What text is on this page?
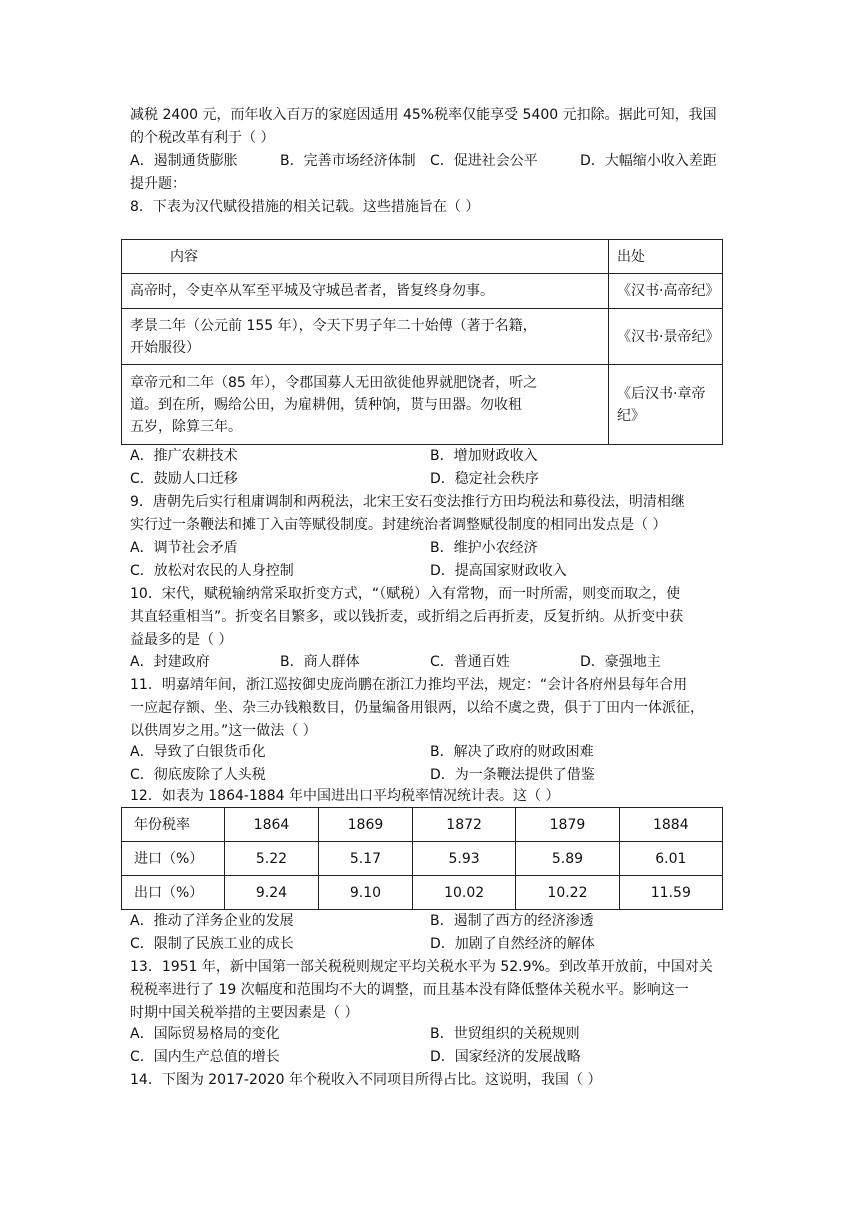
减税 2400 元，而年收入百万的家庭因适用 45%税率仅能享受 5400 元扣除。据此可知，我国
的个税改革有利于（ ）
A．遏制通货膨胀	B．完善市场经济体制 C．促进社会公平	D．大幅缩小收入差距
提升题：
8．下表为汉代赋役措施的相关记载。这些措施旨在（ ）
内容	出处
高帝时，令吏卒从军至平城及守城邑者者，皆复终身勿事。	《汉书·高帝纪》

孝景二年（公元前 155 年），令天下男子年二十始傅（著于名籍，
开始服役）	《汉书·景帝纪》

章帝元和二年（85 年），令郡国募人无田欲徙他界就肥饶者，听之
道。到在所，赐给公田，为雇耕佣，赁种饷，贳与田器。勿收租
五岁，除算三年。	《后汉书·章帝纪》
A．推广农耕技术	B．增加财政收入
C．鼓励人口迁移	D．稳定社会秩序
9．唐朝先后实行租庸调制和两税法，北宋王安石变法推行方田均税法和募役法，明清相继
实行过一条鞭法和摊丁入亩等赋役制度。封建统治者调整赋役制度的相同出发点是（ ）
A．调节社会矛盾	B．维护小农经济
C．放松对农民的人身控制	D．提高国家财政收入
10．宋代，赋税输纳常采取折变方式，“（赋税）入有常物，而一时所需，则变而取之，使
其直轻重相当”。折变名目繁多，或以钱折麦，或折绢之后再折麦，反复折纳。从折变中获
益最多的是（ ）
A．封建政府	B．商人群体	C．普通百姓	D．豪强地主
11．明嘉靖年间，浙江巡按御史庞尚鹏在浙江力推均平法，规定：“会计各府州县每年合用
一应起存额、坐、杂三办钱粮数目，仍量编备用银两，以给不虞之费，俱于丁田内一体派征，
以供周岁之用。”这一做法（ ）
A．导致了白银货币化	B．解决了政府的财政困难
C．彻底废除了人头税	D．为一条鞭法提供了借鉴
12．如表为 1864-1884 年中国进出口平均税率情况统计表。这（ ）
年份税率	1864	1869	1872	1879	1884
进口（%）	5.22	5.17	5.93	5.89	6.01
出口（%）	9.24	9.10	10.02	10.22	11.59
A．推动了洋务企业的发展	B．遏制了西方的经济渗透
C．限制了民族工业的成长	D．加剧了自然经济的解体
13．1951 年，新中国第一部关税税则规定平均关税水平为 52.9%。到改革开放前，中国对关
税税率进行了 19 次幅度和范围均不大的调整，而且基本没有降低整体关税水平。影响这一
时期中国关税举措的主要因素是（ ）
A．国际贸易格局的变化	B．世贸组织的关税规则
C．国内生产总值的增长	D．国家经济的发展战略
14．下图为 2017-2020 年个税收入不同项目所得占比。这说明，我国（ ）
